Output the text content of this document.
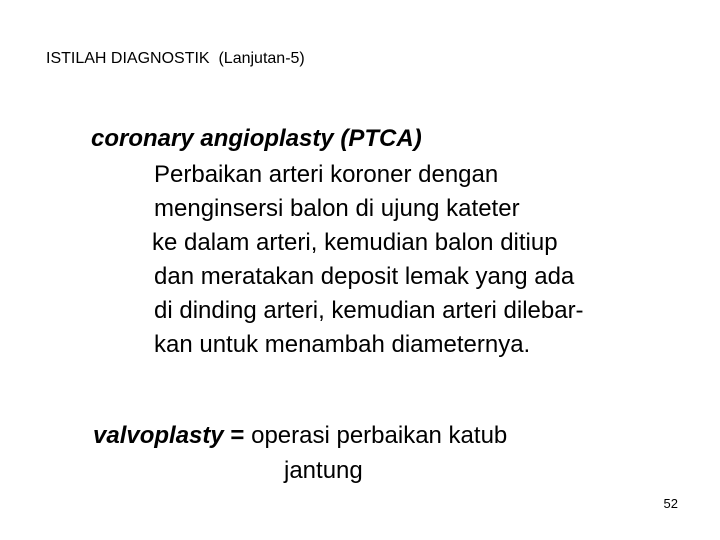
ISTILAH DIAGNOSTIK  (Lanjutan-5)
coronary angioplasty (PTCA)
Perbaikan arteri koroner dengan
menginsersi balon di ujung kateter
ke dalam arteri, kemudian balon ditiup
dan meratakan deposit lemak yang ada
di dinding arteri, kemudian arteri dilebar-
kan untuk menambah diameternya.
valvoplasty = operasi perbaikan katub
jantung
52
